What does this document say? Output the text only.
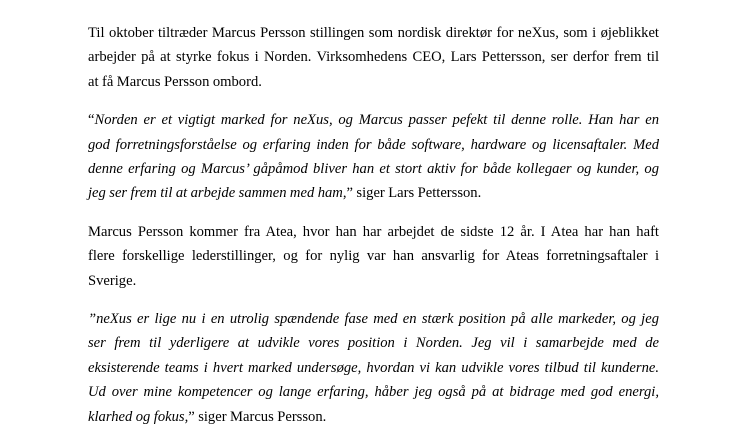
Til oktober tiltræder Marcus Persson stillingen som nordisk direktør for neXus, som i øjeblikket
arbejder på at styrke fokus i Norden. Virksomhedens CEO, Lars Pettersson, ser derfor frem til
at få Marcus Persson ombord.

“Norden er et vigtigt marked for neXus, og Marcus passer pefekt til denne rolle. Han har en
god forretningsforståelse og erfaring inden for både software, hardware og licensaftaler. Med
denne erfaring og Marcus’ gåpåmod bliver han et stort aktiv for både kollegaer og kunder, og
jeg ser frem til at arbejde sammen med ham,” siger Lars Pettersson.

Marcus Persson kommer fra Atea, hvor han har arbejdet de sidste 12 år. I Atea har han haft
flere forskellige lederstillinger, og for nylig var han ansvarlig for Ateas forretningsaftaler i
Sverige.

”neXus er lige nu i en utrolig spændende fase med en stærk position på alle markeder, og jeg
ser frem til yderligere at udvikle vores position i Norden. Jeg vil i samarbejde med de
eksisterende teams i hvert marked undersøge, hvordan vi kan udvikle vores tilbud til kunderne.
Ud over mine kompetencer og lange erfaring, håber jeg også på at bidrage med god energi,
klarhed og fokus,” siger Marcus Persson.
